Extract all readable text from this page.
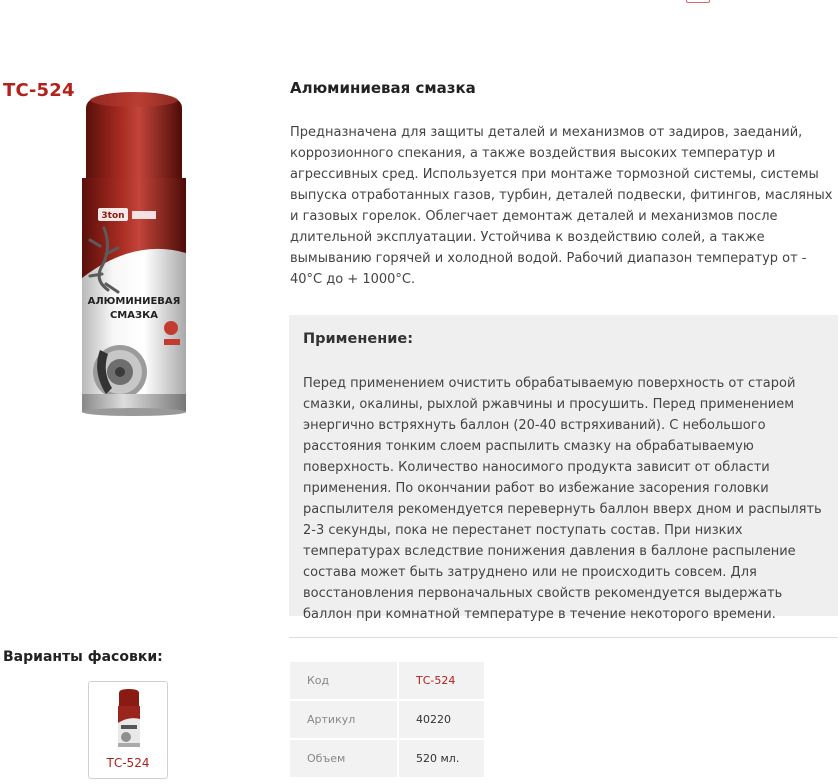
ТС-524
3ton
АЛЮМИНИЕВАЯ
СМАЗКА
Алюминиевая смазка

Предназначена для защиты деталей и механизмов от задиров, заеданий, коррозионного спекания, а также воздействия высоких температур и агрессивных сред. Используется при монтаже тормозной системы, системы выпуска отработанных газов, турбин, деталей подвески, фитингов, масляных и газовых горелок. Облегчает демонтаж деталей и механизмов после длительной эксплуатации. Устойчива к воздействию солей, а также вымыванию горячей и холодной водой. Рабочий диапазон температур от - 40°С до + 1000°С.

Применение:

Перед применением очистить обрабатываемую поверхность от старой смазки, окалины, рыхлой ржавчины и просушить. Перед применением энергично встряхнуть баллон (20-40 встряхиваний). С небольшого расстояния тонким слоем распылить смазку на обрабатываемую поверхность. Количество наносимого продукта зависит от области применения. По окончании работ во избежание засорения головки распылителя рекомендуется перевернуть баллон вверх дном и распылять 2-3 секунды, пока не перестанет поступать состав. При низких температурах вследствие понижения давления в баллоне распыление состава может быть затруднено или не происходить совсем. Для восстановления первоначальных свойств рекомендуется выдержать баллон при комнатной температуре в течение некоторого времени.

Варианты фасовки:
ТС-524
Код	ТС-524
Артикул	40220
Объем	520 мл.
